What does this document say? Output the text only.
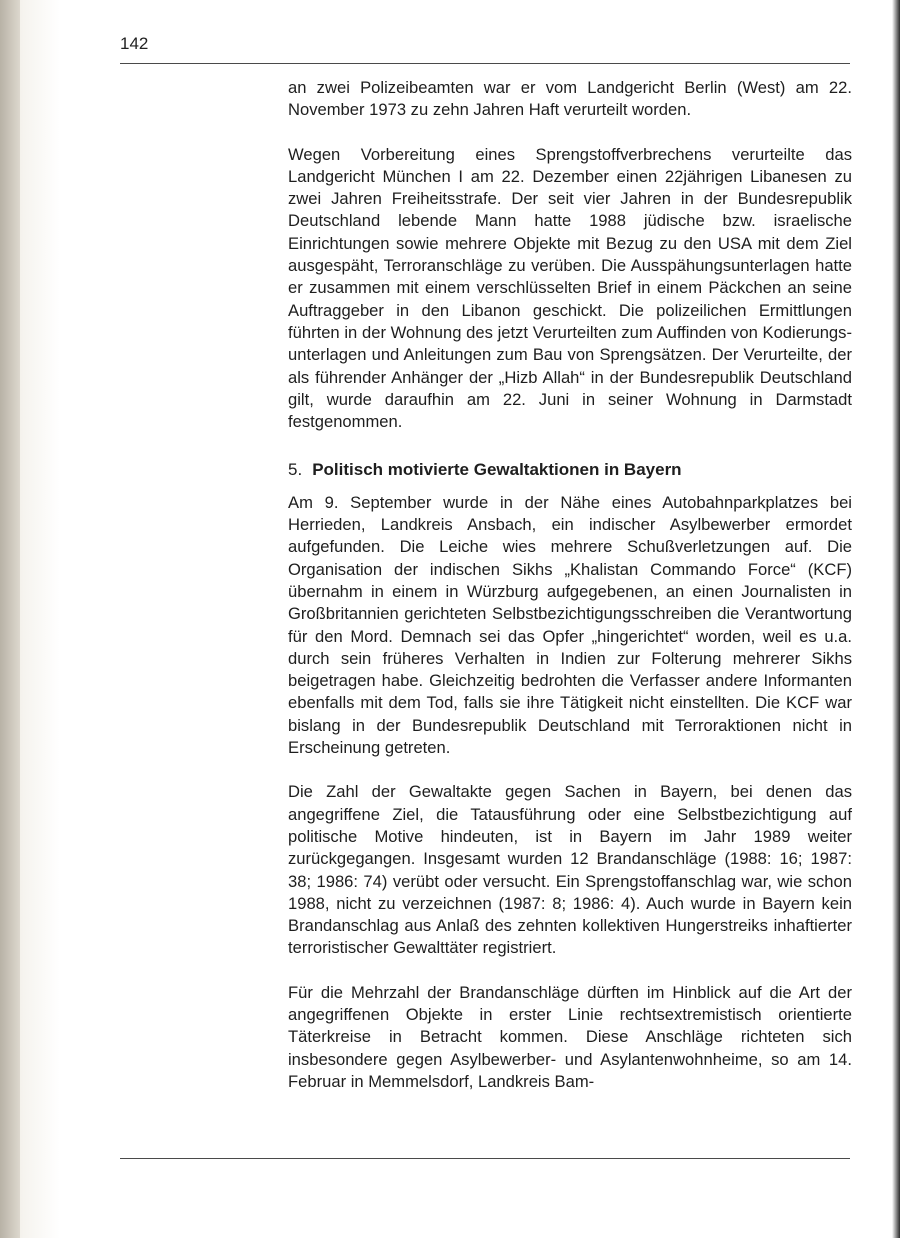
142

an zwei Polizeibeamten war er vom Landgericht Berlin (West) am 22. November 1973 zu zehn Jahren Haft verurteilt worden.

Wegen Vorbereitung eines Sprengstoffverbrechens verurteilte das Landgericht München I am 22. Dezember einen 22jährigen Libanesen zu zwei Jahren Freiheitsstrafe. Der seit vier Jahren in der Bundesrepublik Deutschland lebende Mann hatte 1988 jüdische bzw. israelische Einrichtungen sowie mehrere Objekte mit Bezug zu den USA mit dem Ziel ausgespäht, Terroranschläge zu verüben. Die Ausspähungsunterlagen hatte er zusammen mit einem verschlüsselten Brief in einem Päckchen an seine Auftraggeber in den Libanon geschickt. Die polizeilichen Ermittlungen führten in der Wohnung des jetzt Verurteilten zum Auffinden von Kodierungsunterlagen und Anleitungen zum Bau von Sprengsätzen. Der Verurteilte, der als führender Anhänger der „Hizb Allah“ in der Bundesrepublik Deutschland gilt, wurde daraufhin am 22. Juni in seiner Wohnung in Darmstadt festgenommen.

5. Politisch motivierte Gewaltaktionen in Bayern

Am 9. September wurde in der Nähe eines Autobahnparkplatzes bei Herrieden, Landkreis Ansbach, ein indischer Asylbewerber ermordet aufgefunden. Die Leiche wies mehrere Schußverletzungen auf. Die Organisation der indischen Sikhs „Khalistan Commando Force“ (KCF) übernahm in einem in Würzburg aufgegebenen, an einen Journalisten in Großbritannien gerichteten Selbstbezichtigungsschreiben die Verantwortung für den Mord. Demnach sei das Opfer „hingerichtet“ worden, weil es u.a. durch sein früheres Verhalten in Indien zur Folterung mehrerer Sikhs beigetragen habe. Gleichzeitig bedrohten die Verfasser andere Informanten ebenfalls mit dem Tod, falls sie ihre Tätigkeit nicht einstellten. Die KCF war bislang in der Bundesrepublik Deutschland mit Terroraktionen nicht in Erscheinung getreten.

Die Zahl der Gewaltakte gegen Sachen in Bayern, bei denen das angegriffene Ziel, die Tatausführung oder eine Selbstbezichtigung auf politische Motive hindeuten, ist in Bayern im Jahr 1989 weiter zurückgegangen. Insgesamt wurden 12 Brandanschläge (1988: 16; 1987: 38; 1986: 74) verübt oder versucht. Ein Sprengstoffanschlag war, wie schon 1988, nicht zu verzeichnen (1987: 8; 1986: 4). Auch wurde in Bayern kein Brandanschlag aus Anlaß des zehnten kollektiven Hungerstreiks inhaftierter terroristischer Gewalttäter registriert.

Für die Mehrzahl der Brandanschläge dürften im Hinblick auf die Art der angegriffenen Objekte in erster Linie rechtsextremistisch orientierte Täterkreise in Betracht kommen. Diese Anschläge richteten sich insbesondere gegen Asylbewerber- und Asylantenwohnheime, so am 14. Februar in Memmelsdorf, Landkreis Bam-
